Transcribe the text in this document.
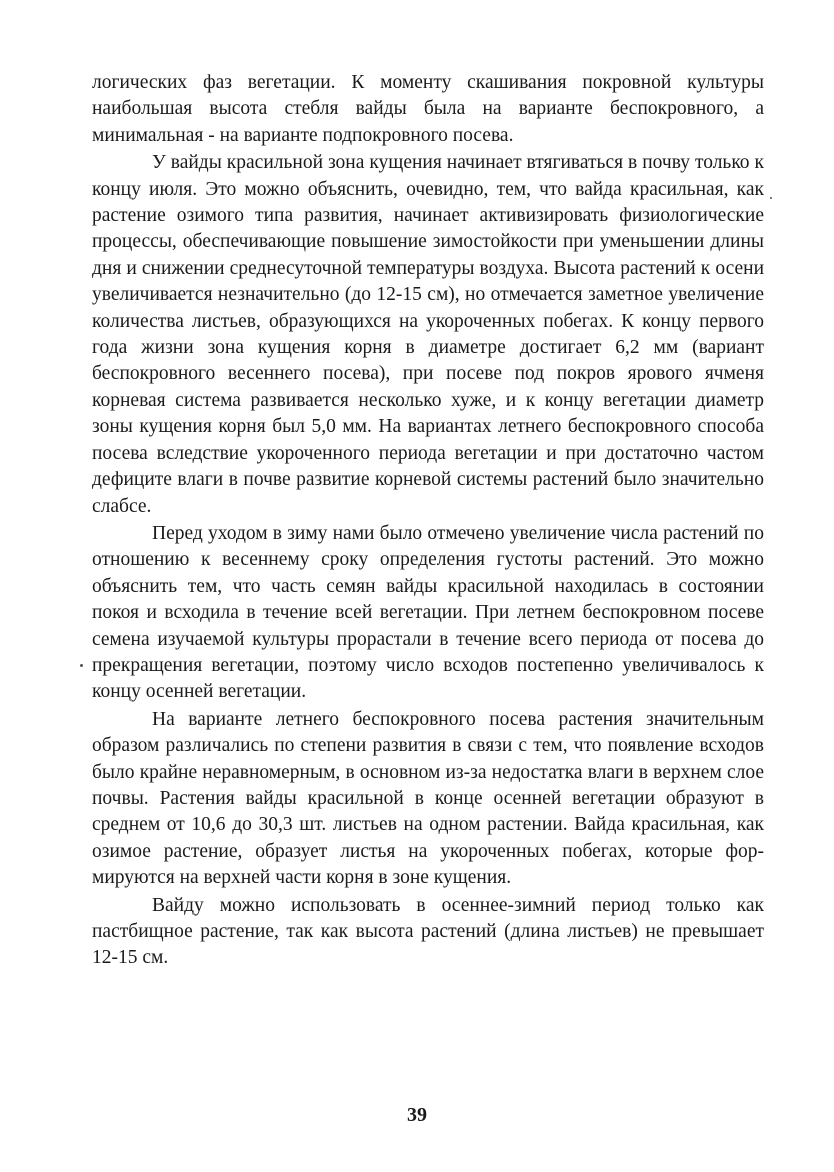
логических фаз вегетации. К моменту скашивания покровной культуры наибольшая высота стебля вайды была на варианте беспокровного, а минимальная - на варианте подпокровного посева.

У вайды красильной зона кущения начинает втягиваться в почву только к концу июля. Это можно объяснить, очевидно, тем, что вайда красильная, как растение озимого типа развития, начинает активизировать физиологические процессы, обеспечивающие повышение зимостойкости при уменьшении длины дня и снижении среднесуточной температуры воздуха. Высота растений к осени увеличивается незначительно (до 12-15 см), но отмечается заметное увеличение количества листьев, образующихся на укороченных побегах. К концу первого года жизни зона кущения корня в диаметре достигает 6,2 мм (вариант беспокровного весеннего посева), при посеве под покров ярового ячменя корневая система развивается несколько хуже, и к концу вегетации диаметр зоны кущения корня был 5,0 мм. На вариантах летнего беспокровного способа посева вследствие укороченного периода вегетации и при достаточно частом дефиците влаги в почве развитие корневой системы растений было значительно слабсе.

Перед уходом в зиму нами было отмечено увеличение числа растений по отношению к весеннему сроку определения густоты растений. Это можно объяснить тем, что часть семян вайды красильной находилась в состоянии покоя и всходила в течение всей вегетации. При летнем беспокровном посеве семена изучаемой культуры прорастали в течение всего периода от посева до прекращения вегетации, поэтому число всходов постепенно увеличивалось к концу осенней вегетации.

На варианте летнего беспокровного посева растения значительным образом различались по степени развития в связи с тем, что появление всходов было крайне неравномерным, в основном из-за недостатка влаги в верхнем слое почвы. Растения вайды красильной в конце осенней вегетации образуют в среднем от 10,6 до 30,3 шт. листьев на одном растении. Вайда красильная, как озимое растение, образует листья на укороченных побегах, которые формируются на верхней части корня в зоне кущения.

Вайду можно использовать в осеннее-зимний период только как пастбищное растение, так как высота растений (длина листьев) не превышает 12-15 см.

39
